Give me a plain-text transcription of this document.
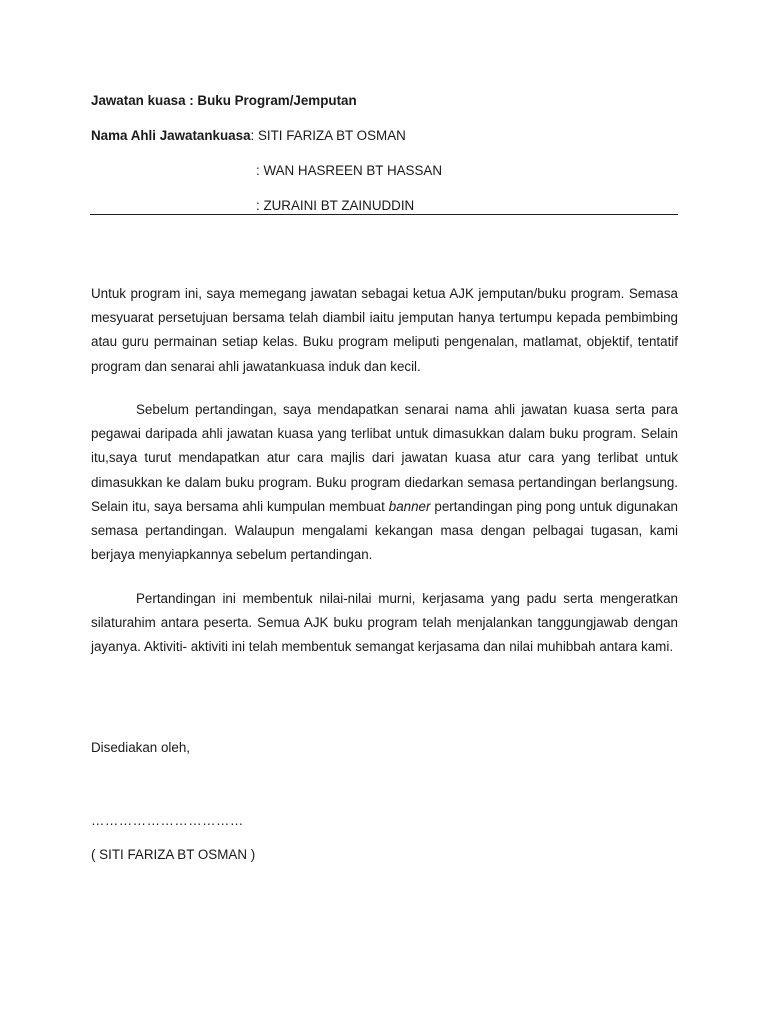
Jawatan kuasa : Buku Program/Jemputan
Nama Ahli Jawatankuasa: SITI FARIZA BT OSMAN
: WAN HASREEN BT HASSAN
: ZURAINI BT ZAINUDDIN

Untuk program ini, saya memegang jawatan sebagai ketua AJK jemputan/buku program. Semasa mesyuarat persetujuan bersama telah diambil iaitu jemputan hanya tertumpu kepada pembimbing atau guru permainan setiap kelas. Buku program meliputi pengenalan, matlamat, objektif, tentatif program dan senarai ahli jawatankuasa induk dan kecil.

Sebelum pertandingan, saya mendapatkan senarai nama ahli jawatan kuasa serta para pegawai daripada ahli jawatan kuasa yang terlibat untuk dimasukkan dalam buku program. Selain itu,saya turut mendapatkan atur cara majlis dari jawatan kuasa atur cara yang terlibat untuk dimasukkan ke dalam buku program. Buku program diedarkan semasa pertandingan berlangsung. Selain itu, saya bersama ahli kumpulan membuat banner pertandingan ping pong untuk digunakan semasa pertandingan. Walaupun mengalami kekangan masa dengan pelbagai tugasan, kami berjaya menyiapkannya sebelum pertandingan.

Pertandingan ini membentuk nilai-nilai murni, kerjasama yang padu serta mengeratkan silaturahim antara peserta. Semua AJK buku program telah menjalankan tanggungjawab dengan jayanya. Aktiviti- aktiviti ini telah membentuk semangat kerjasama dan nilai muhibbah antara kami.

Disediakan oleh,
……………………………
( SITI FARIZA BT OSMAN )
